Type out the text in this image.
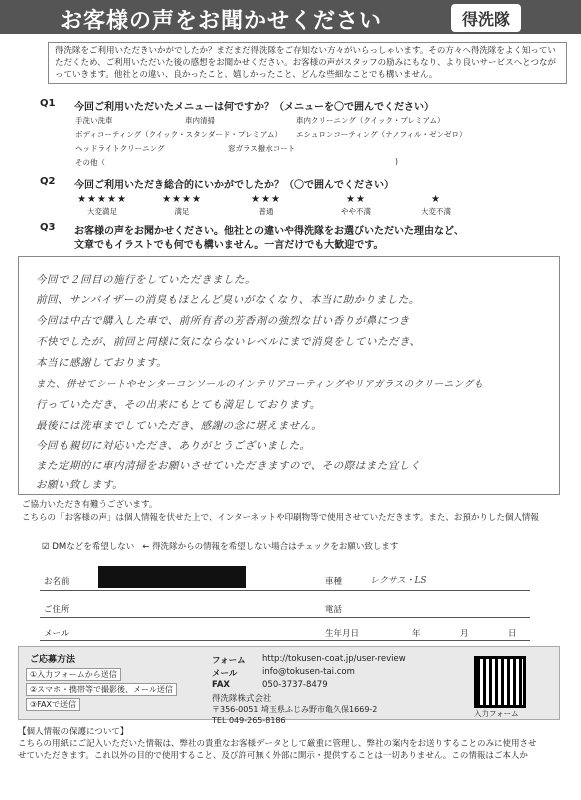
お客様の声をお聞かせください	得洗隊
得洗隊をご利用いただきいかがでしたか？まだまだ得洗隊をご存知ない方々がいらっしゃいます。その方々へ得洗隊をよく知っていただくため、ご利用いただいた後の感想をお聞かせください。お客様の声がスタッフの励みにもなり、より良いサービスへとつながっていきます。他社との違い、良かったこと、嬉しかったこと、どんな些細なことでも構いません。
Q1 今回ご利用いただいたメニューは何ですか？（メニューを〇で囲んでください）
手洗い洗車	車内清掃	車内クリーニング（クイック・プレミアム）
ボディコーティング（クイック・スタンダード・プレミアム） エシュロンコーティング（ナノフィル・ゼンゼロ）
ヘッドライトクリーニング	窓ガラス撥水コート
その他（	)
Q2 今回ご利用いただき総合的にいかがでしたか？（〇で囲んでください）
★★★★★
大変満足
★★★★
満足
★★★
普通
★★
やや不満
★
大変不満
Q3 お客様の声をお聞かせください。他社との違いや得洗隊をお選びいただいた理由など、
文章でもイラストでも何でも構いません。一言だけでも大歓迎です。
今回で２回目の施行をしていただきました。
前回、サンバイザーの消臭もほとんど臭いがなくなり、本当に助かりました。
今回は中古で購入した車で、前所有者の芳香剤の強烈な甘い香りが鼻につき
不快でしたが、前回と同様に気にならないレベルにまで消臭をしていただき、
本当に感謝しております。
また、併せてシートやセンターコンソールのインテリアコーティングやリアガラスのクリーニングも
行っていただき、その出来にもとても満足しております。
最後には洗車までしていただき、感謝の念に堪えません。
今回も親切に対応いただき、ありがとうございました。
また定期的に車内清掃をお願いさせていただきますので、その際はまた宜しく
お願い致します。
ご協力いただき有難うございます。
こちらの「お客様の声」は個人情報を伏せた上で、インターネットや印刷物等で使用させていただきます。また、お預かりした個人情報
☑ DMなどを希望しない ← 得洗隊からの情報を希望しない場合はチェックをお願い致します
お名前	車種	レクサス・LS
ご住所	電話
メール	生年月日	年	月	日
ご応募方法
①入力フォームから送信
②スマホ・携帯等で撮影後、メール送信
③FAXで送信
フォーム http://tokusen-coat.jp/user-review
メール	info@tokusen-tai.com
FAX	050-3737-8479
得洗隊株式会社
〒356-0051 埼玉県ふじみ野市亀久保1669-2
TEL 049-265-8186
入力フォーム
【個人情報の保護について】
こちらの用紙にご記入いただいた情報は、弊社の貴重なお客様データとして厳重に管理し、弊社の案内をお送りすることのみに使用させ
せていただきます。これ以外の目的で使用すること、及び許可無く外部に開示・提供することは一切ありません。この情報はご本人か
